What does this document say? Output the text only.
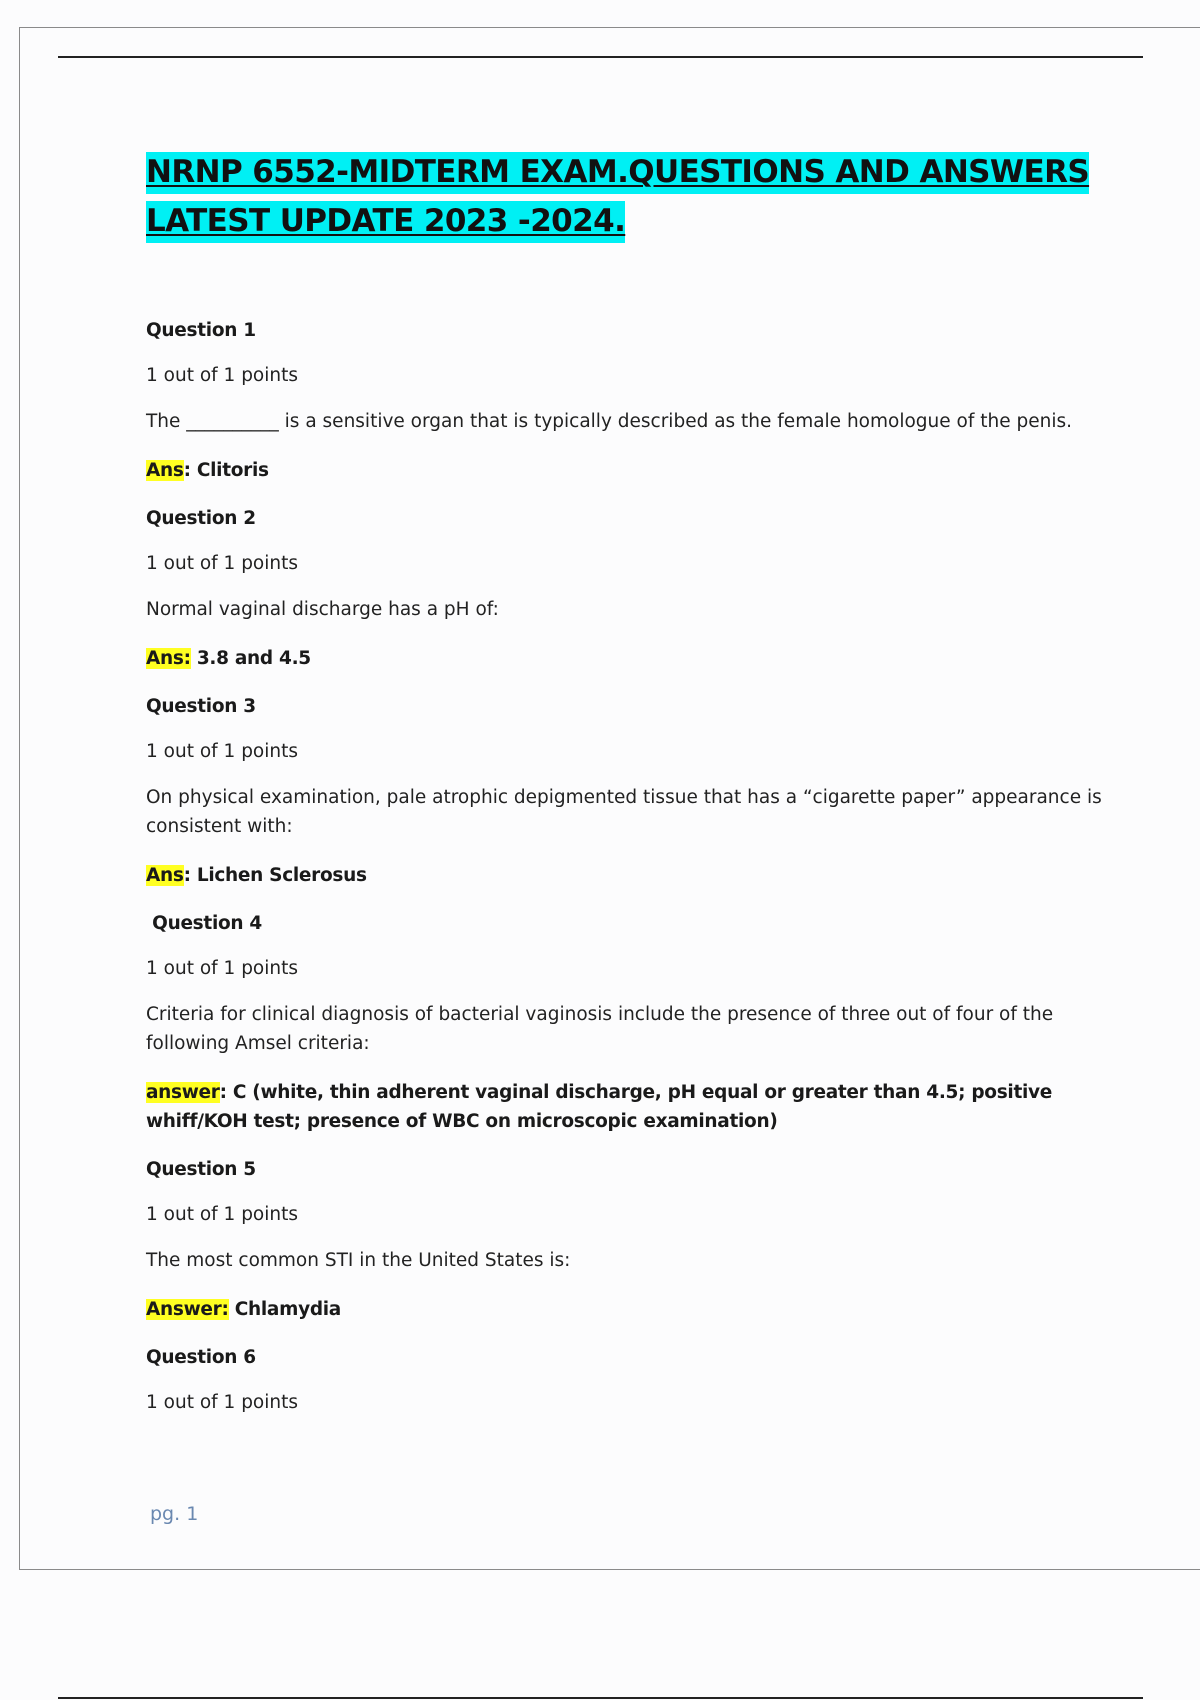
NRNP 6552-MIDTERM EXAM.QUESTIONS AND ANSWERS
LATEST UPDATE 2023 -2024.

Question 1

1 out of 1 points

The __________ is a sensitive organ that is typically described as the female homologue of the penis.

Ans: Clitoris

Question 2

1 out of 1 points

Normal vaginal discharge has a pH of:

Ans: 3.8 and 4.5

Question 3

1 out of 1 points

On physical examination, pale atrophic depigmented tissue that has a “cigarette paper” appearance is consistent with:

Ans: Lichen Sclerosus

Question 4

1 out of 1 points

Criteria for clinical diagnosis of bacterial vaginosis include the presence of three out of four of the following Amsel criteria:

answer: C (white, thin adherent vaginal discharge, pH equal or greater than 4.5; positive whiff/KOH test; presence of WBC on microscopic examination)

Question 5

1 out of 1 points

The most common STI in the United States is:

Answer: Chlamydia

Question 6

1 out of 1 points

pg. 1
